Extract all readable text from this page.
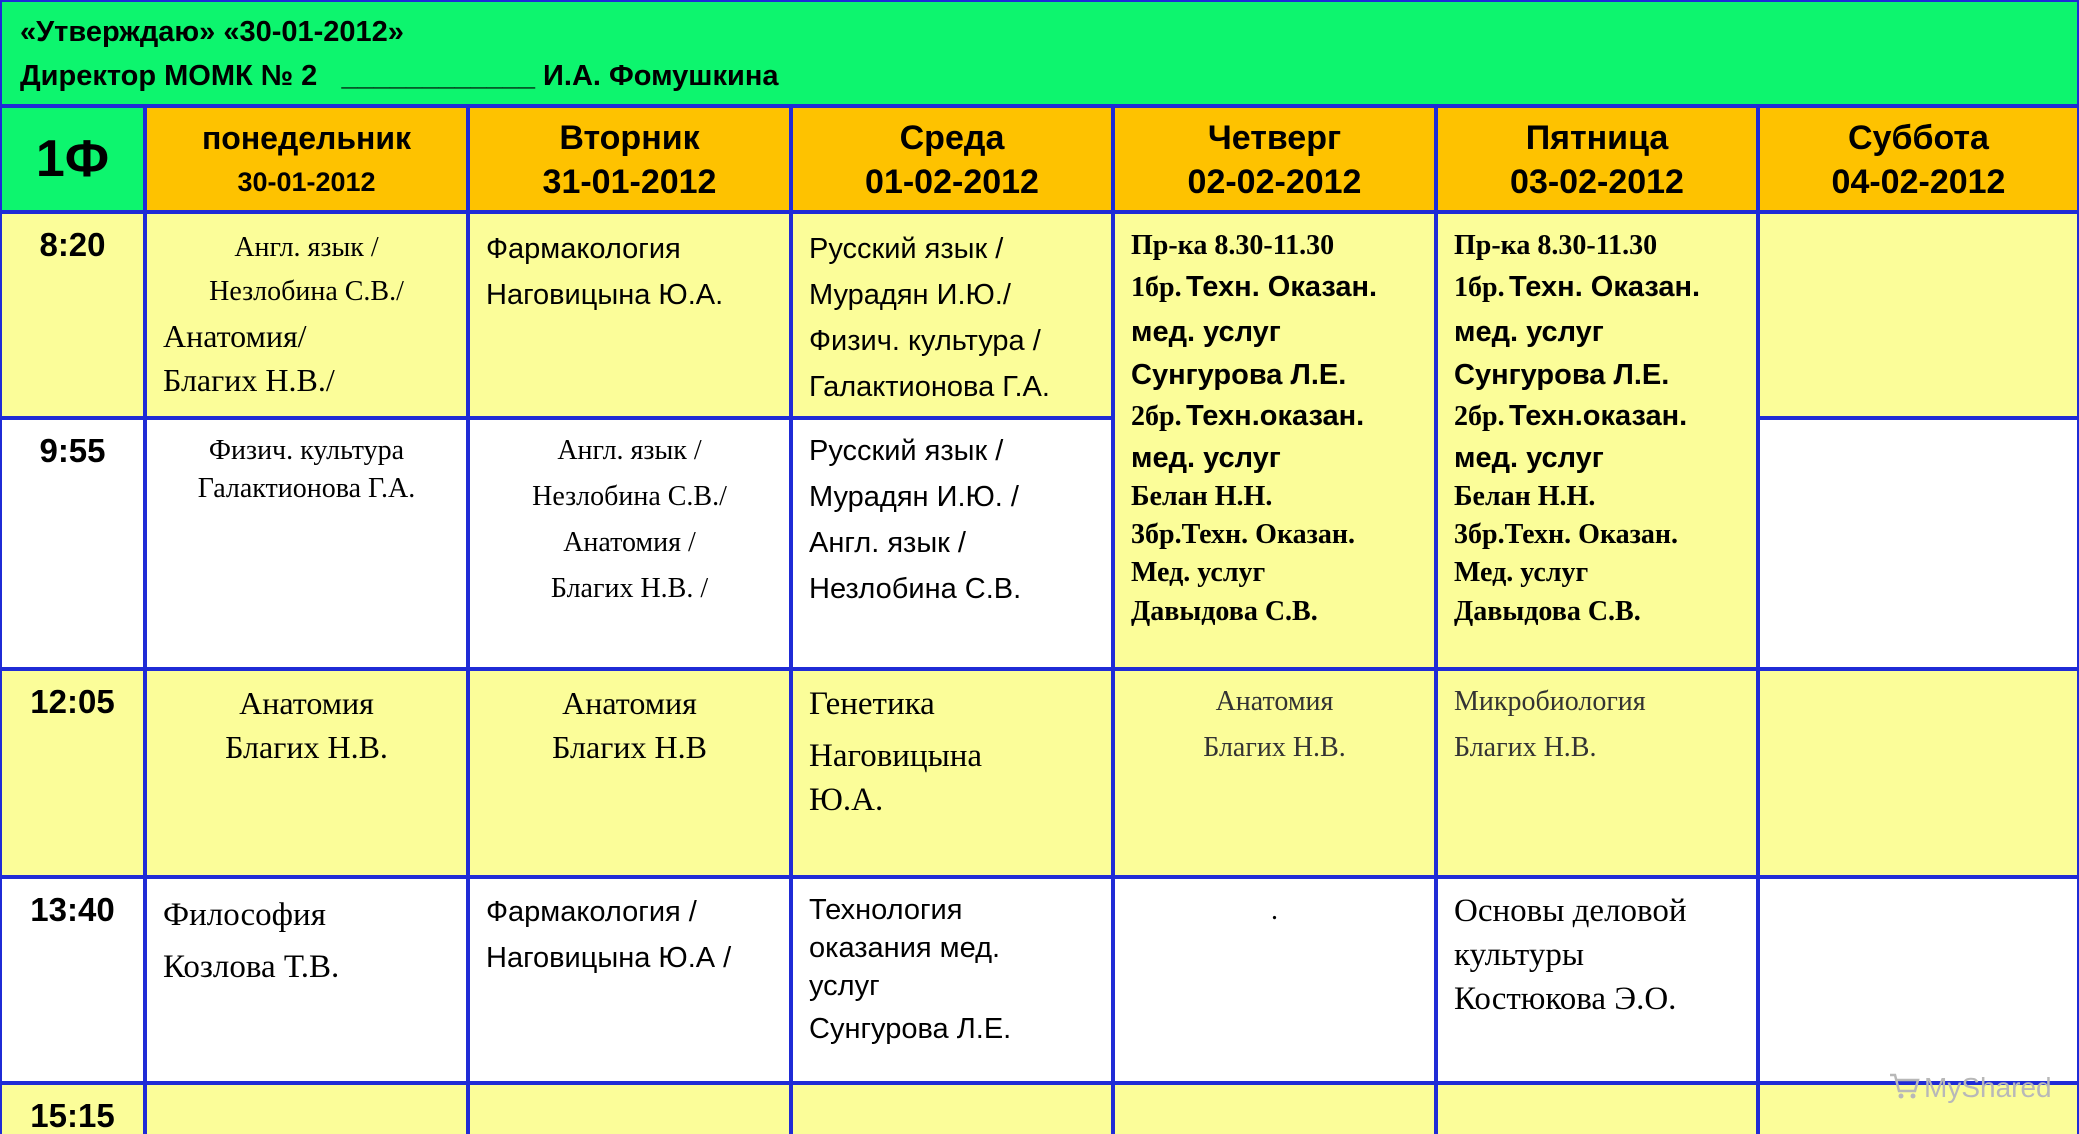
«Утверждаю» «30-01-2012»
Директор МОМК № 2   ____________ И.А. Фомушкина
1Ф	понедельник
30-01-2012
Вторник
31-01-2012
Среда
01-02-2012
Четверг
02-02-2012
Пятница
03-02-2012
Суббота
04-02-2012
8:20
9:55
12:05
13:40
15:15
Англ. язык /
Незлобина С.В./
Анатомия/
Благих Н.В./
Фармакология
Наговицына Ю.А.
Русский язык /
Мурадян И.Ю./
Физич. культура /
Галактионова Г.А.
Пр-ка 8.30-11.30
1бр. Техн. Оказан.
мед. услуг
Сунгурова Л.Е.
2бр. Техн.оказан.
мед. услуг
Белан Н.Н.
3бр.Техн. Оказан.
Мед. услуг
Давыдова С.В.
Пр-ка 8.30-11.30
1бр. Техн. Оказан.
мед. услуг
Сунгурова Л.Е.
2бр. Техн.оказан.
мед. услуг
Белан Н.Н.
3бр.Техн. Оказан.
Мед. услуг
Давыдова С.В.
Физич. культура
Галактионова Г.А.
Англ. язык /
Незлобина С.В./
Анатомия /
Благих Н.В. /
Русский язык /
Мурадян И.Ю. /
Англ. язык /
Незлобина С.В.
Анатомия
Благих Н.В.
Анатомия
Благих Н.В
Генетика
Наговицына
Ю.А.
Анатомия
Благих Н.В.
Микробиология
Благих Н.В.
Философия
Козлова Т.В.
Фармакология /
Наговицына Ю.А /
Технология
оказания мед.
услуг
Сунгурова Л.Е.
.	Основы деловой
культуры
Костюкова Э.О.
MyShared
